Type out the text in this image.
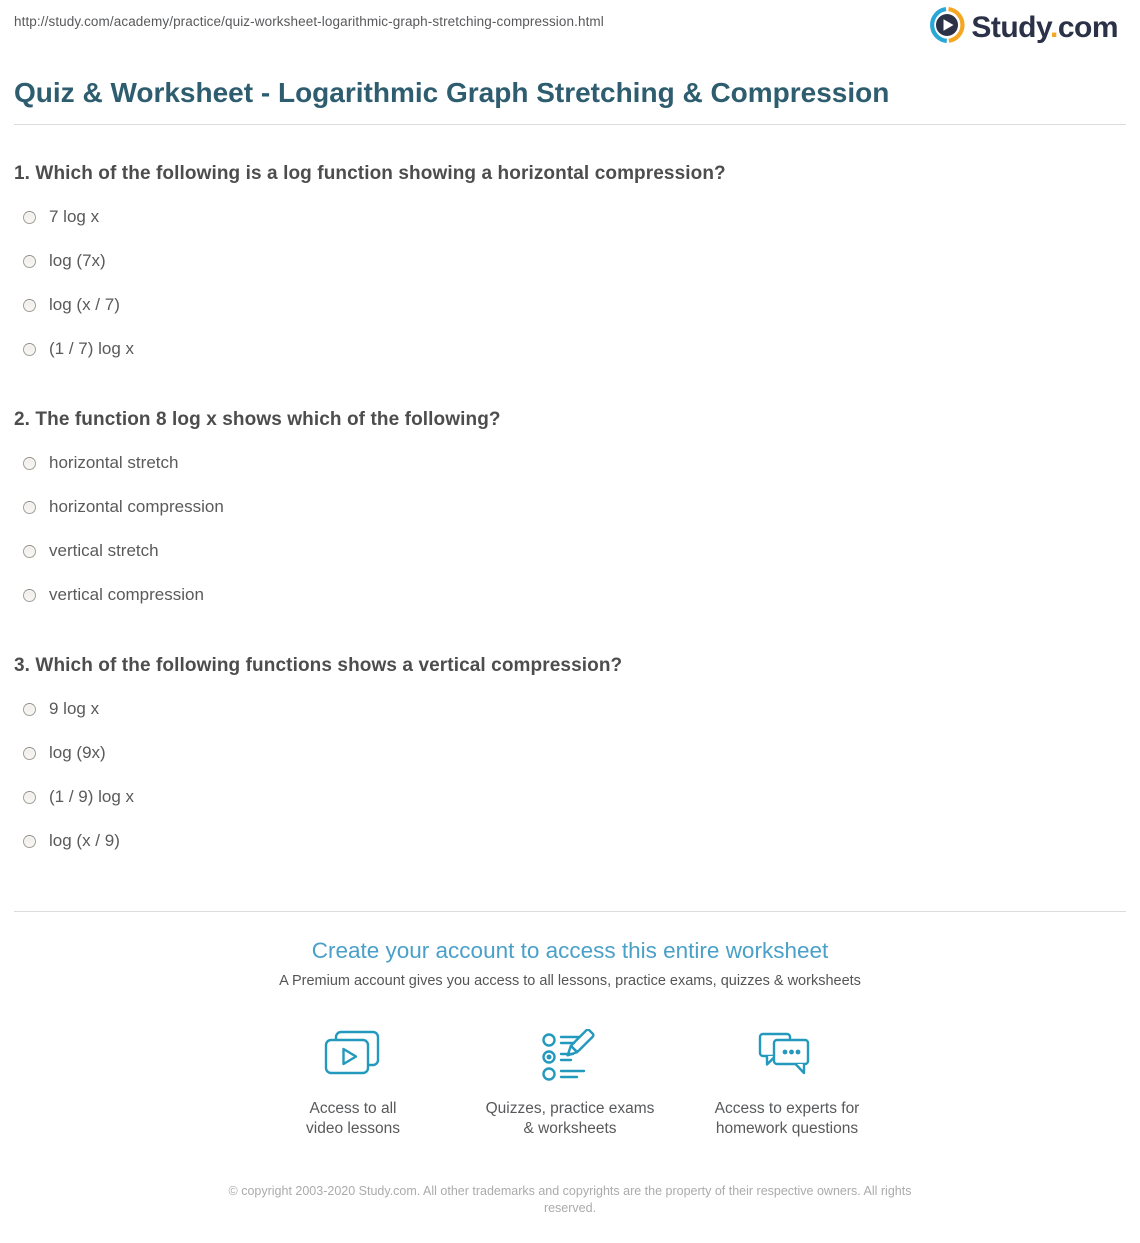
http://study.com/academy/practice/quiz-worksheet-logarithmic-graph-stretching-compression.html	Study.com
Quiz & Worksheet - Logarithmic Graph Stretching & Compression
1. Which of the following is a log function showing a horizontal compression?
7 log x
log (7x)
log (x / 7)
(1 / 7) log x
2. The function 8 log x shows which of the following?
horizontal stretch
horizontal compression
vertical stretch
vertical compression
3. Which of the following functions shows a vertical compression?
9 log x
log (9x)
(1 / 9) log x
log (x / 9)
Create your account to access this entire worksheet
A Premium account gives you access to all lessons, practice exams, quizzes & worksheets
Access to all
video lessons
Quizzes, practice exams
& worksheets
Access to experts for
homework questions
© copyright 2003-2020 Study.com. All other trademarks and copyrights are the property of their respective owners. All rights reserved.
